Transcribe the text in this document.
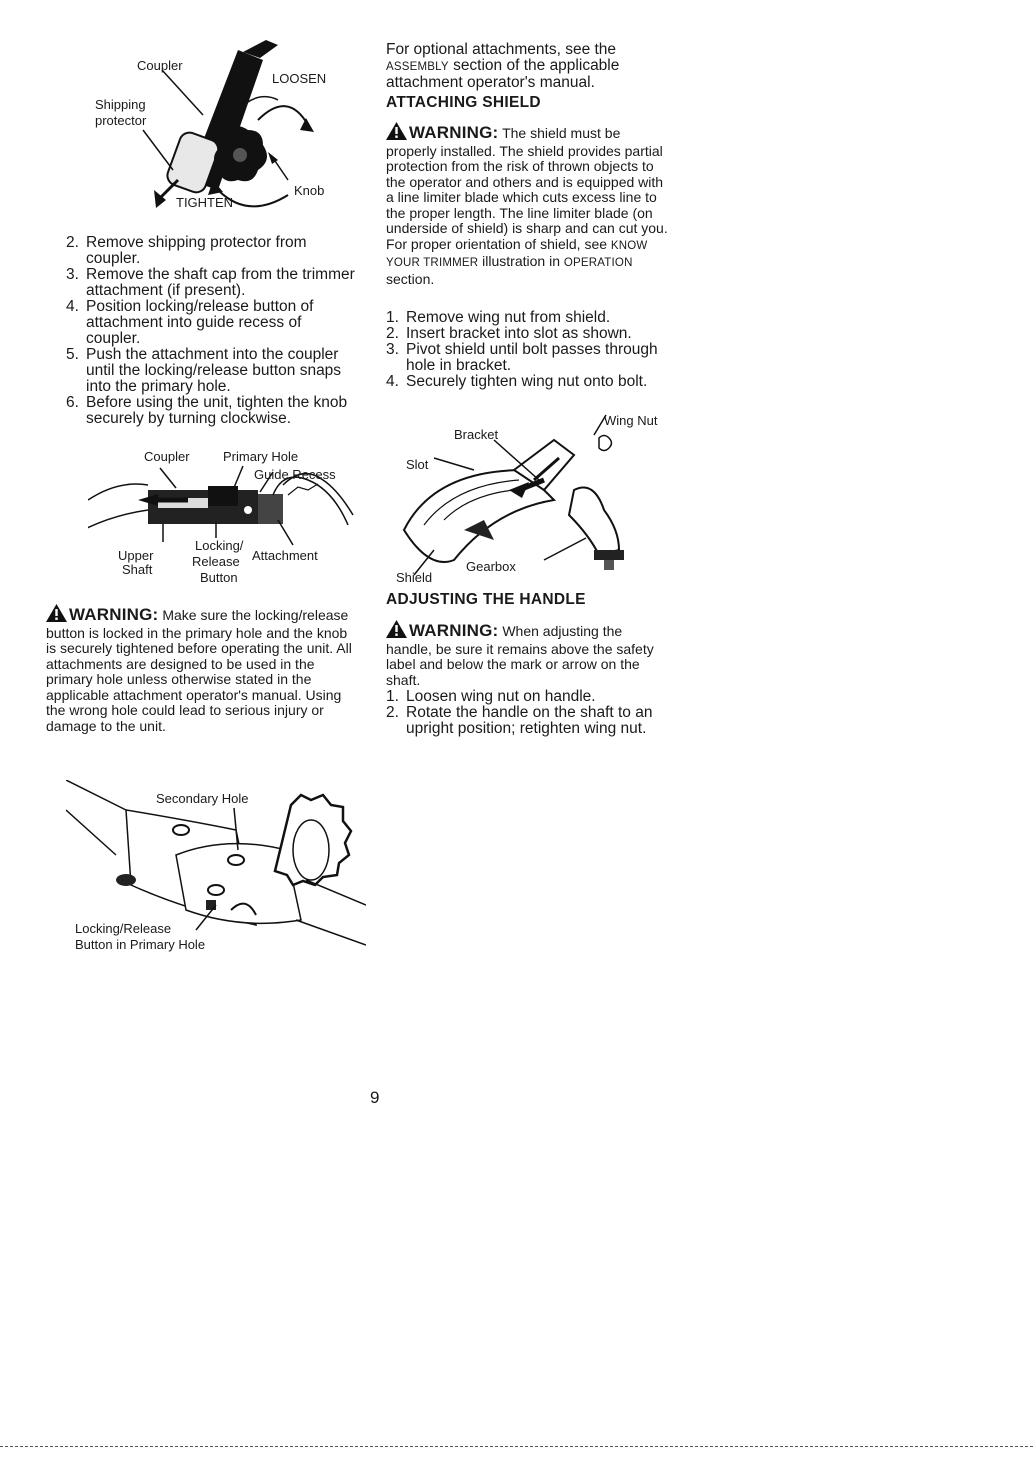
Coupler
LOOSEN
Shipping
protector
Knob
TIGHTEN
2. Remove shipping protector from coupler.
3. Remove the shaft cap from the trimmer attachment (if present).
4. Position locking/release button of attachment into guide recess of coupler.
5. Push the attachment into the coupler until the locking/release button snaps into the primary hole.
6. Before using the unit, tighten the knob securely by turning clockwise.
Coupler	Primary Hole
Guide Recess
Upper
Shaft
Locking/
Release
Button
Attachment
WARNING: Make sure the locking/release button is locked in the primary hole and the knob is securely tightened before operating the unit. All attachments are designed to be used in the primary hole unless otherwise stated in the applicable attachment operator's manual. Using the wrong hole could lead to serious injury or damage to the unit.
Secondary Hole
Locking/Release
Button in Primary Hole
For optional attachments, see the ASSEMBLY section of the applicable attachment operator's manual.
ATTACHING SHIELD
WARNING: The shield must be properly installed. The shield provides partial protection from the risk of thrown objects to the operator and others and is equipped with a line limiter blade which cuts excess line to the proper length. The line limiter blade (on underside of shield) is sharp and can cut you. For proper orientation of shield, see KNOW YOUR TRIMMER illustration in OPERATION section.
1. Remove wing nut from shield.
2. Insert bracket into slot as shown.
3. Pivot shield until bolt passes through hole in bracket.
4. Securely tighten wing nut onto bolt.
Wing Nut
Bracket
Slot
Gearbox
Shield
ADJUSTING THE HANDLE
WARNING: When adjusting the handle, be sure it remains above the safety label and below the mark or arrow on the shaft.
1. Loosen wing nut on handle.
2. Rotate the handle on the shaft to an upright position; retighten wing nut.
9
